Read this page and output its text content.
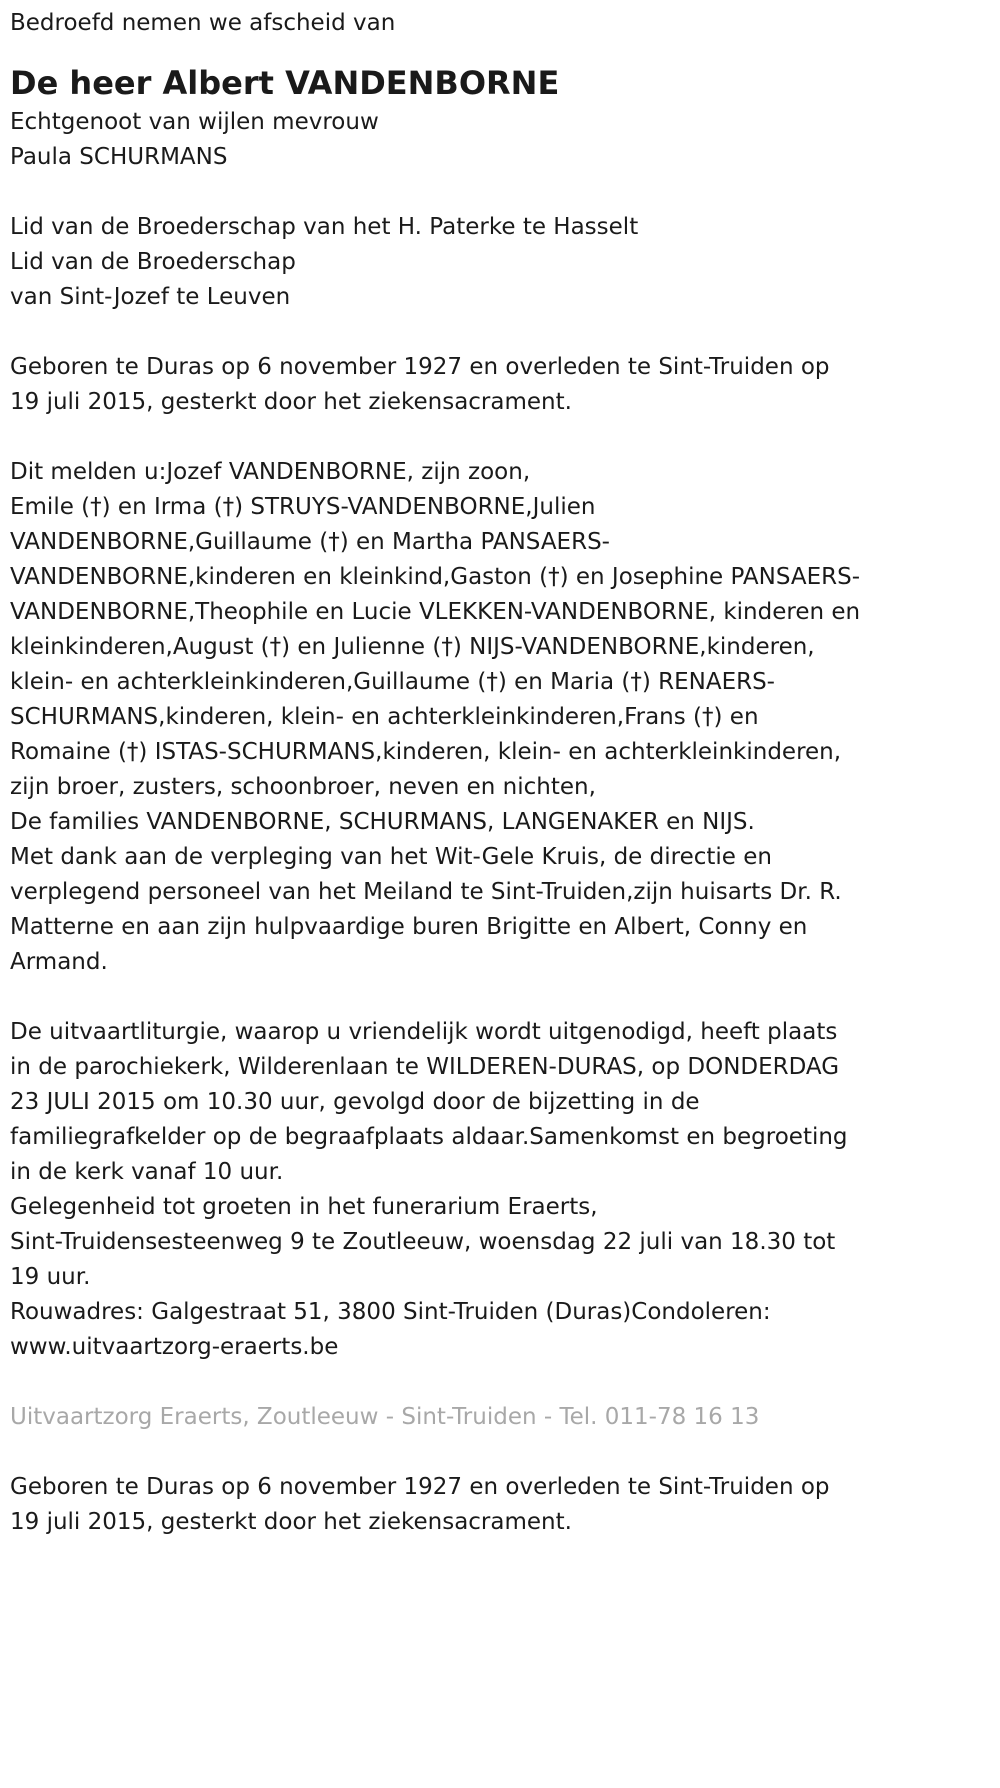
Bedroefd nemen we afscheid van

De heer Albert VANDENBORNE

Echtgenoot van wijlen mevrouw
Paula SCHURMANS

Lid van de Broederschap van het H. Paterke te Hasselt
Lid van de Broederschap
van Sint-Jozef te Leuven

Geboren te Duras op 6 november 1927 en overleden te Sint-Truiden op
19 juli 2015, gesterkt door het ziekensacrament.

Dit melden u:Jozef VANDENBORNE, zijn zoon,
Emile (†) en Irma (†) STRUYS-VANDENBORNE,Julien
VANDENBORNE,Guillaume (†) en Martha PANSAERS-
VANDENBORNE,kinderen en kleinkind,Gaston (†) en Josephine PANSAERS-
VANDENBORNE,Theophile en Lucie VLEKKEN-VANDENBORNE, kinderen en
kleinkinderen,August (†) en Julienne (†) NIJS-VANDENBORNE,kinderen,
klein- en achterkleinkinderen,Guillaume (†) en Maria (†) RENAERS-
SCHURMANS,kinderen, klein- en achterkleinkinderen,Frans (†) en
Romaine (†) ISTAS-SCHURMANS,kinderen, klein- en achterkleinkinderen,
zijn broer, zusters, schoonbroer, neven en nichten,
De families VANDENBORNE, SCHURMANS, LANGENAKER en NIJS.
Met dank aan de verpleging van het Wit-Gele Kruis, de directie en
verplegend personeel van het Meiland te Sint-Truiden,zijn huisarts Dr. R.
Matterne en aan zijn hulpvaardige buren Brigitte en Albert, Conny en
Armand.

De uitvaartliturgie, waarop u vriendelijk wordt uitgenodigd, heeft plaats
in de parochiekerk, Wilderenlaan te WILDEREN-DURAS, op DONDERDAG
23 JULI 2015 om 10.30 uur, gevolgd door de bijzetting in de
familiegrafkelder op de begraafplaats aldaar.Samenkomst en begroeting
in de kerk vanaf 10 uur.
Gelegenheid tot groeten in het funerarium Eraerts,
Sint-Truidensesteenweg 9 te Zoutleeuw, woensdag 22 juli van 18.30 tot
19 uur.
Rouwadres: Galgestraat 51, 3800 Sint-Truiden (Duras)Condoleren:
www.uitvaartzorg-eraerts.be

Uitvaartzorg Eraerts, Zoutleeuw - Sint-Truiden - Tel. 011-78 16 13

Geboren te Duras op 6 november 1927 en overleden te Sint-Truiden op
19 juli 2015, gesterkt door het ziekensacrament.
